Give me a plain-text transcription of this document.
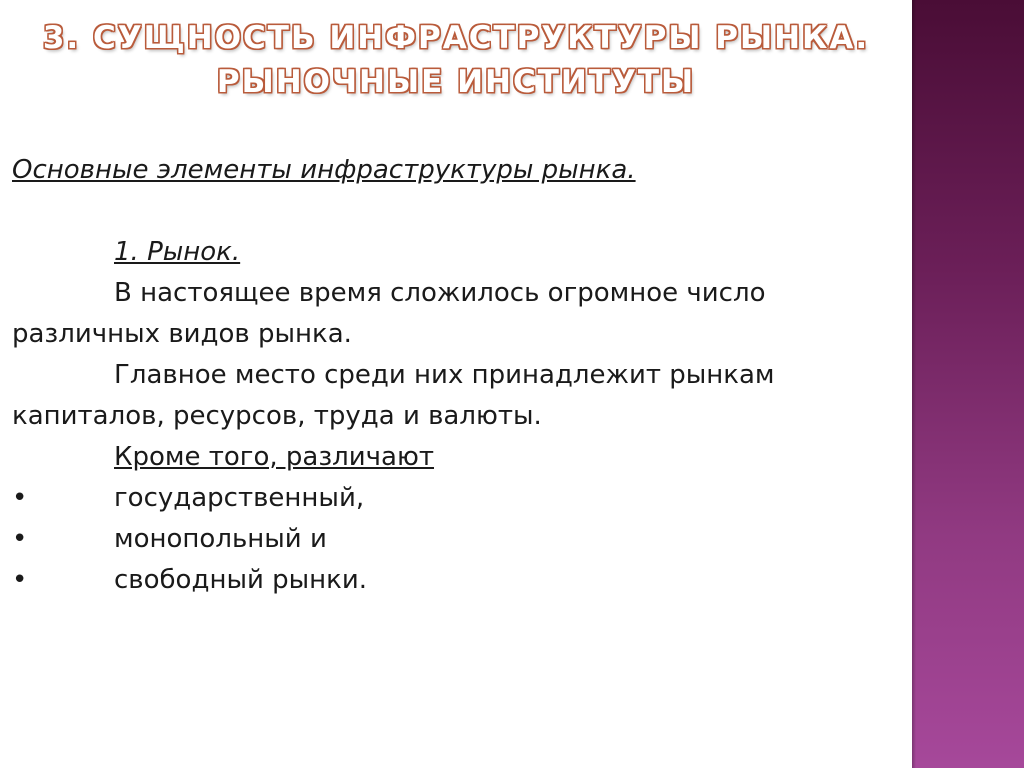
3. СУЩНОСТЬ ИНФРАСТРУКТУРЫ РЫНКА.
РЫНОЧНЫЕ ИНСТИТУТЫ

Основные элементы инфраструктуры рынка.

1. Рынок.

В настоящее время сложилось огромное число различных видов рынка.

Главное место среди них принадлежит рынкам капиталов, ресурсов, труда и валюты.

Кроме того, различают

•	государственный,

•	монопольный и

•	свободный рынки.
